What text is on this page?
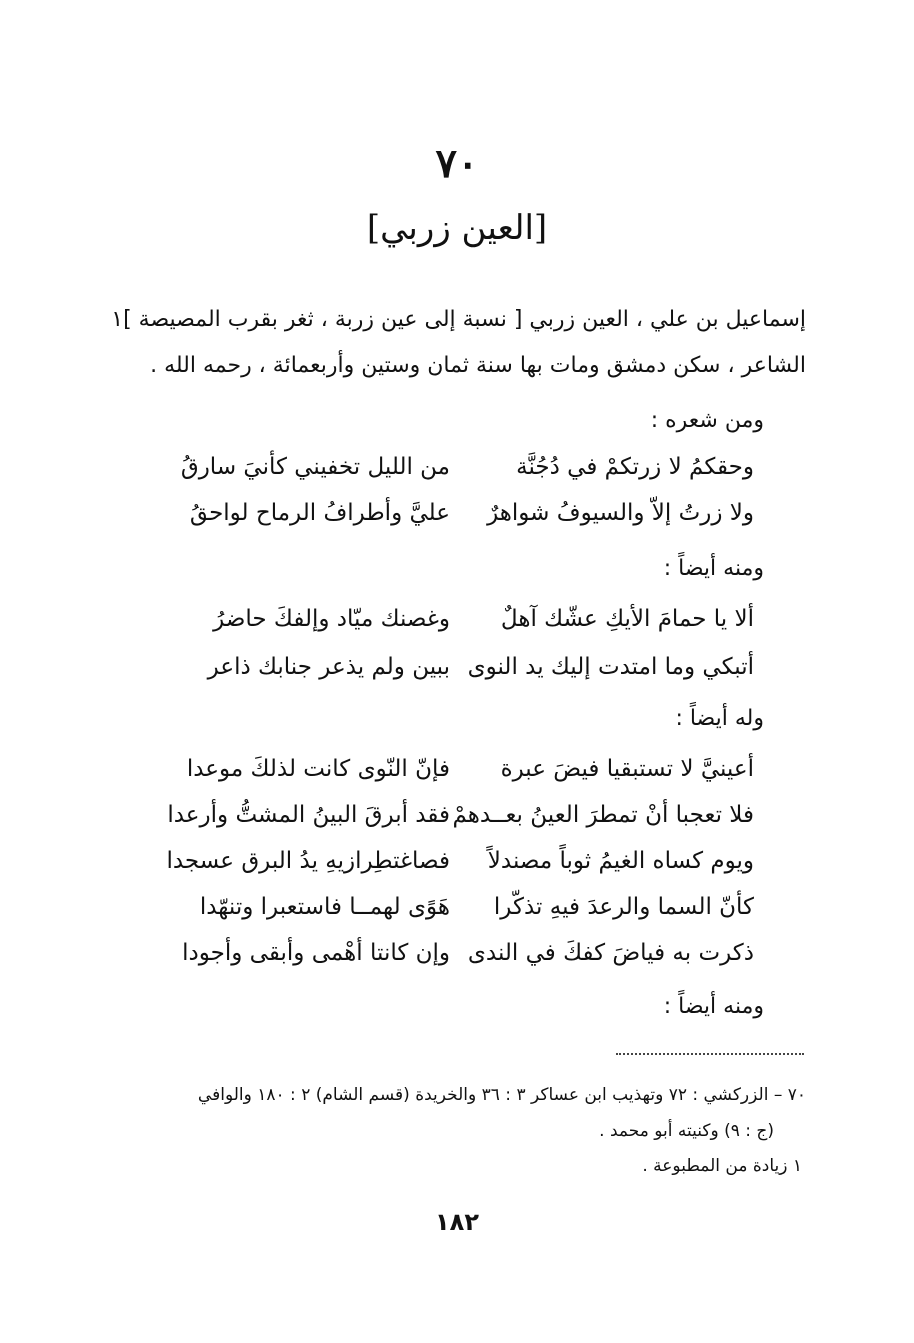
٧٠
[العين زربي]
إسماعيل بن علي ، العين زربي [ نسبة إلى عين زربة ، ثغر بقرب المصيصة ]١
الشاعر ، سكن دمشق ومات بها سنة ثمان وستين وأربعمائة ، رحمه الله .
ومن شعره :
وحقكمُ لا زرتكمْ في دُجُنَّة
من الليل تخفيني كأنيَ سارقُ
ولا زرتُ إلاّ والسيوفُ شواهرٌ
عليَّ وأطرافُ الرماح لواحقُ
ومنه أيضاً :
ألا يا حمامَ الأيكِ عشّك آهلٌ
وغصنك ميّاد وإلفكَ حاضرُ
أتبكي وما امتدت إليك يد النوى
ببين ولم يذعر جنابك ذاعر
وله أيضاً :
أعينيَّ لا تستبقيا فيضَ عبرة
فإنّ النّوى كانت لذلكَ موعدا
فلا تعجبا أنْ تمطرَ العينُ بعــدهمْ
فقد أبرقَ البينُ المشتُّ وأرعدا
ويوم كساه الغيمُ ثوباً مصندلاً
فصاغتطِرازيهِ يدُ البرق عسجدا
كأنّ السما والرعدَ فيهِ تذكّرا
هَوًى لهمــا فاستعبرا وتنهّدا
ذكرت به فياضَ كفكَ في الندى
وإن كانتا أهْمى وأبقى وأجودا
ومنه أيضاً :
٧٠ – الزركشي : ٧٢ وتهذيب ابن عساكر ٣ : ٣٦ والخريدة (قسم الشام) ٢ : ١٨٠ والوافي
(ج : ٩) وكنيته أبو محمد .
١ زيادة من المطبوعة .
١٨٢
